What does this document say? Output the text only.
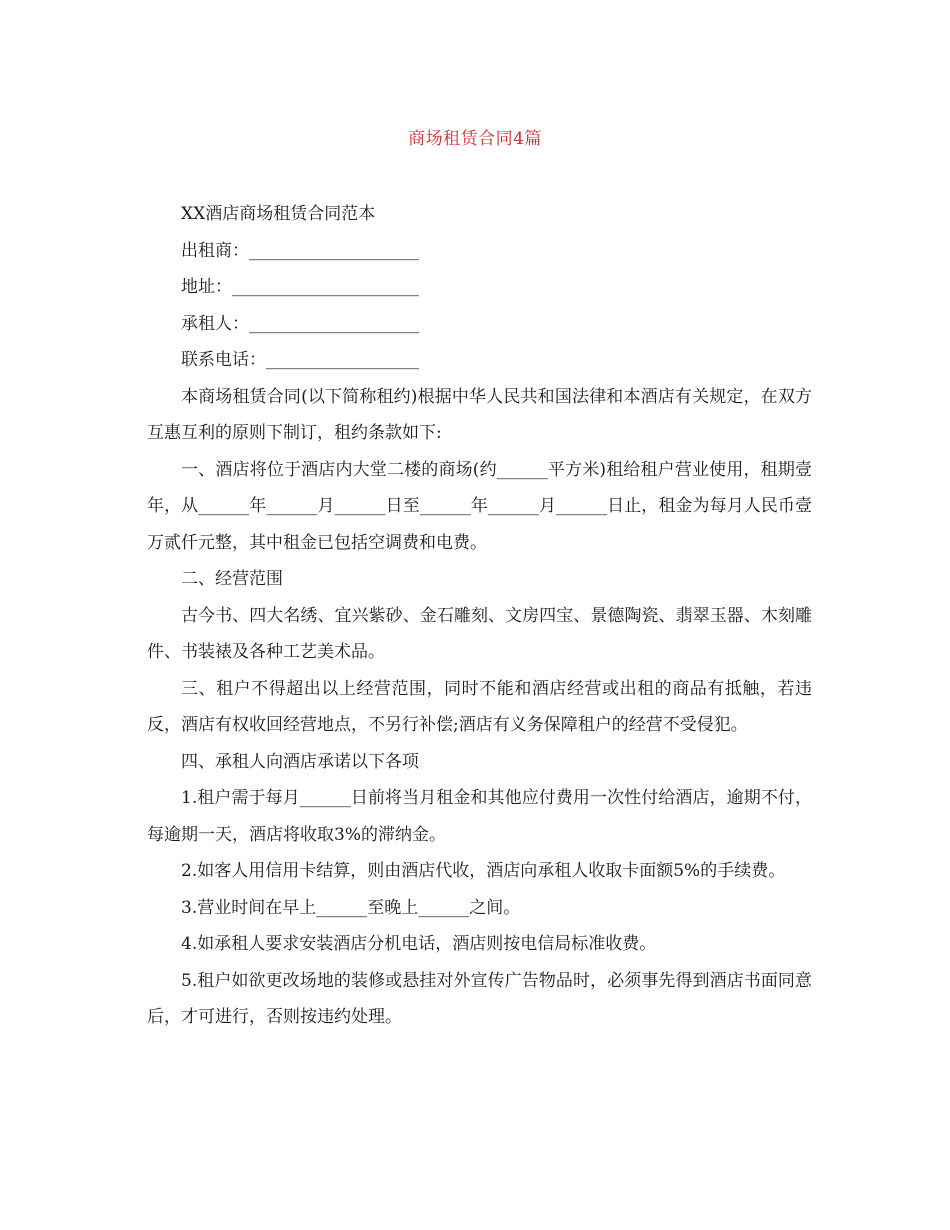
商场租赁合同4篇

XX酒店商场租赁合同范本

出租商：____________________

地址：______________________

承租人：____________________

联系电话：__________________

本商场租赁合同(以下简称租约)根据中华人民共和国法律和本酒店有关规定，在双方互惠互利的原则下制订，租约条款如下:

一、酒店将位于酒店内大堂二楼的商场(约______平方米)租给租户营业使用，租期壹年，从______年______月______日至______年______月______日止，租金为每月人民币壹万贰仟元整，其中租金已包括空调费和电费。

二、经营范围

古今书、四大名绣、宜兴紫砂、金石雕刻、文房四宝、景德陶瓷、翡翠玉器、木刻雕件、书装裱及各种工艺美术品。

三、租户不得超出以上经营范围，同时不能和酒店经营或出租的商品有抵触，若违反，酒店有权收回经营地点，不另行补偿;酒店有义务保障租户的经营不受侵犯。

四、承租人向酒店承诺以下各项

1.租户需于每月______日前将当月租金和其他应付费用一次性付给酒店，逾期不付，每逾期一天，酒店将收取3%的滞纳金。

2.如客人用信用卡结算，则由酒店代收，酒店向承租人收取卡面额5%的手续费。

3.营业时间在早上______至晚上______之间。

4.如承租人要求安装酒店分机电话，酒店则按电信局标准收费。

5.租户如欲更改场地的装修或悬挂对外宣传广告物品时，必须事先得到酒店书面同意后，才可进行，否则按违约处理。
